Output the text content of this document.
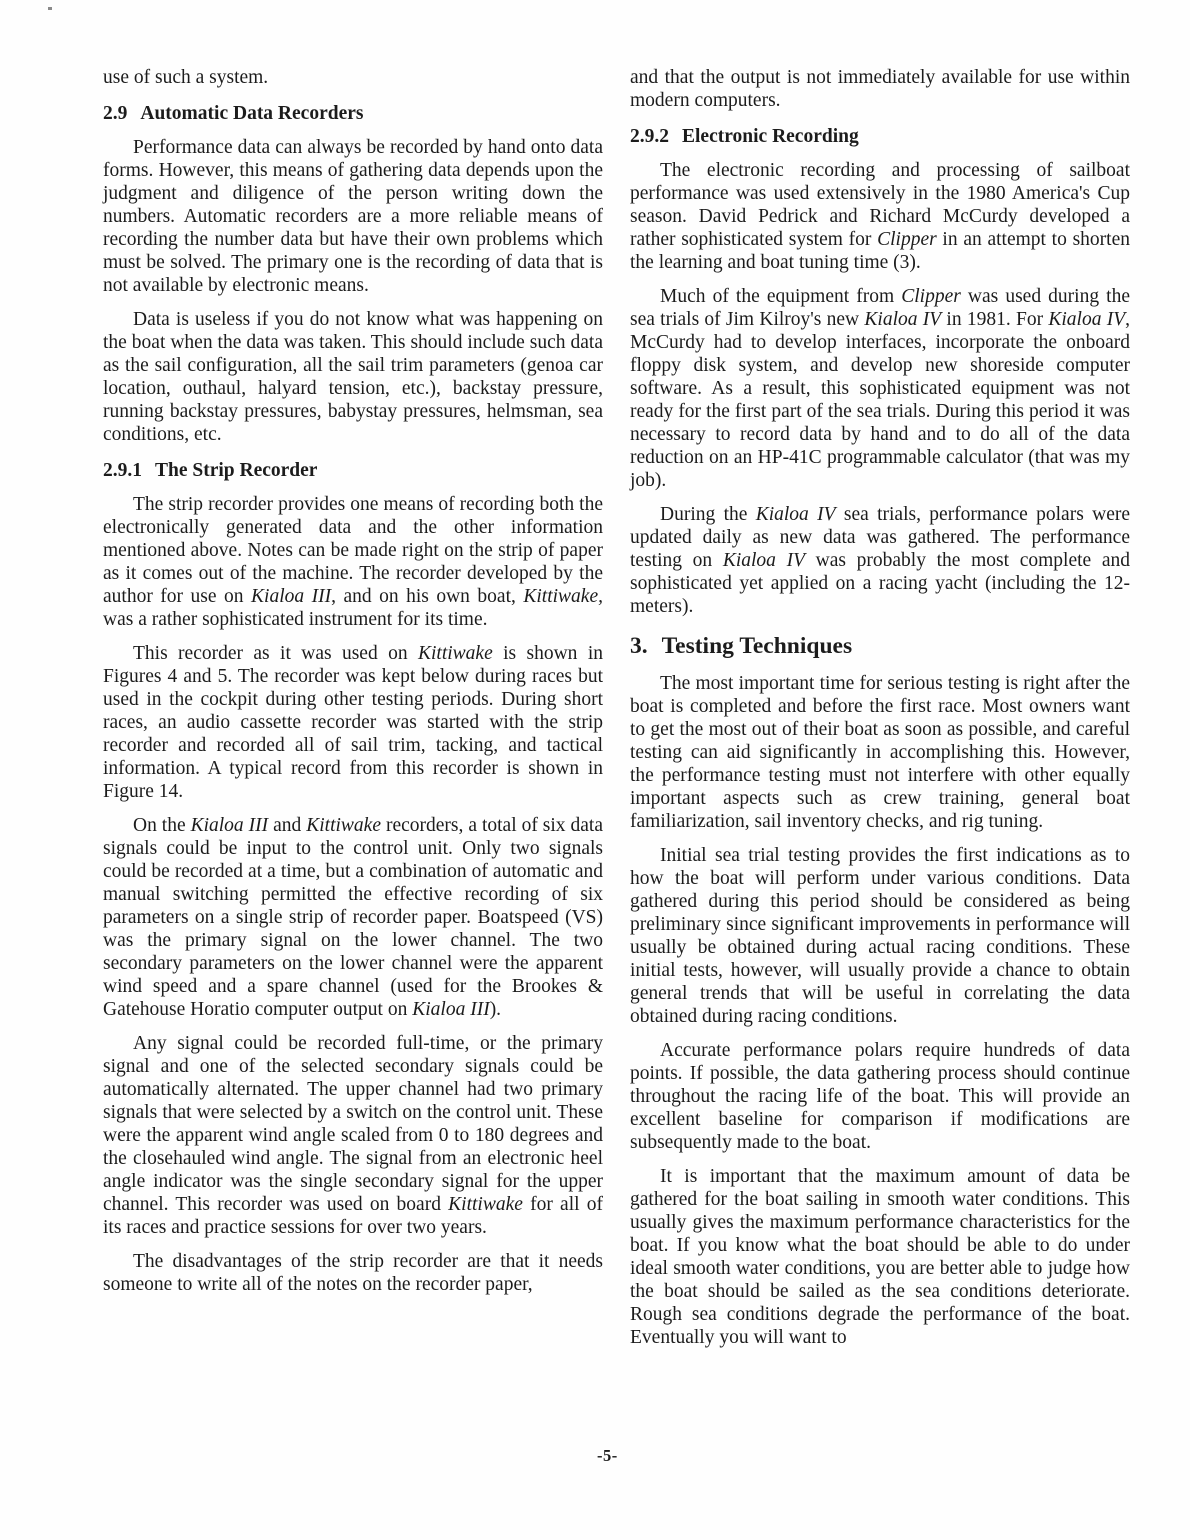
use of such a system.

2.9 Automatic Data Recorders

Performance data can always be recorded by hand onto data forms. However, this means of gathering data depends upon the judgment and diligence of the person writing down the numbers. Automatic recorders are a more reliable means of recording the number data but have their own problems which must be solved. The primary one is the recording of data that is not available by electronic means.

Data is useless if you do not know what was happening on the boat when the data was taken. This should include such data as the sail configuration, all the sail trim parameters (genoa car location, outhaul, halyard tension, etc.), backstay pressure, running backstay pressures, babystay pressures, helmsman, sea conditions, etc.

2.9.1 The Strip Recorder

The strip recorder provides one means of recording both the electronically generated data and the other information mentioned above. Notes can be made right on the strip of paper as it comes out of the machine. The recorder developed by the author for use on Kialoa III, and on his own boat, Kittiwake, was a rather sophisticated instrument for its time.

This recorder as it was used on Kittiwake is shown in Figures 4 and 5. The recorder was kept below during races but used in the cockpit during other testing periods. During short races, an audio cassette recorder was started with the strip recorder and recorded all of sail trim, tacking, and tactical information. A typical record from this recorder is shown in Figure 14.

On the Kialoa III and Kittiwake recorders, a total of six data signals could be input to the control unit. Only two signals could be recorded at a time, but a combination of automatic and manual switching permitted the effective recording of six parameters on a single strip of recorder paper. Boatspeed (VS) was the primary signal on the lower channel. The two secondary parameters on the lower channel were the apparent wind speed and a spare channel (used for the Brookes & Gatehouse Horatio computer output on Kialoa III).

Any signal could be recorded full-time, or the primary signal and one of the selected secondary signals could be automatically alternated. The upper channel had two primary signals that were selected by a switch on the control unit. These were the apparent wind angle scaled from 0 to 180 degrees and the closehauled wind angle. The signal from an electronic heel angle indicator was the single secondary signal for the upper channel. This recorder was used on board Kittiwake for all of its races and practice sessions for over two years.

The disadvantages of the strip recorder are that it needs someone to write all of the notes on the recorder paper,

and that the output is not immediately available for use within modern computers.

2.9.2 Electronic Recording

The electronic recording and processing of sailboat performance was used extensively in the 1980 America's Cup season. David Pedrick and Richard McCurdy developed a rather sophisticated system for Clipper in an attempt to shorten the learning and boat tuning time (3).

Much of the equipment from Clipper was used during the sea trials of Jim Kilroy's new Kialoa IV in 1981. For Kialoa IV, McCurdy had to develop interfaces, incorporate the onboard floppy disk system, and develop new shoreside computer software. As a result, this sophisticated equipment was not ready for the first part of the sea trials. During this period it was necessary to record data by hand and to do all of the data reduction on an HP-41C programmable calculator (that was my job).

During the Kialoa IV sea trials, performance polars were updated daily as new data was gathered. The performance testing on Kialoa IV was probably the most complete and sophisticated yet applied on a racing yacht (including the 12-meters).

3. Testing Techniques

The most important time for serious testing is right after the boat is completed and before the first race. Most owners want to get the most out of their boat as soon as possible, and careful testing can aid significantly in accomplishing this. However, the performance testing must not interfere with other equally important aspects such as crew training, general boat familiarization, sail inventory checks, and rig tuning.

Initial sea trial testing provides the first indications as to how the boat will perform under various conditions. Data gathered during this period should be considered as being preliminary since significant improvements in performance will usually be obtained during actual racing conditions. These initial tests, however, will usually provide a chance to obtain general trends that will be useful in correlating the data obtained during racing conditions.

Accurate performance polars require hundreds of data points. If possible, the data gathering process should continue throughout the racing life of the boat. This will provide an excellent baseline for comparison if modifications are subsequently made to the boat.

It is important that the maximum amount of data be gathered for the boat sailing in smooth water conditions. This usually gives the maximum performance characteristics for the boat. If you know what the boat should be able to do under ideal smooth water conditions, you are better able to judge how the boat should be sailed as the sea conditions deteriorate. Rough sea conditions degrade the performance of the boat. Eventually you will want to

-5-
